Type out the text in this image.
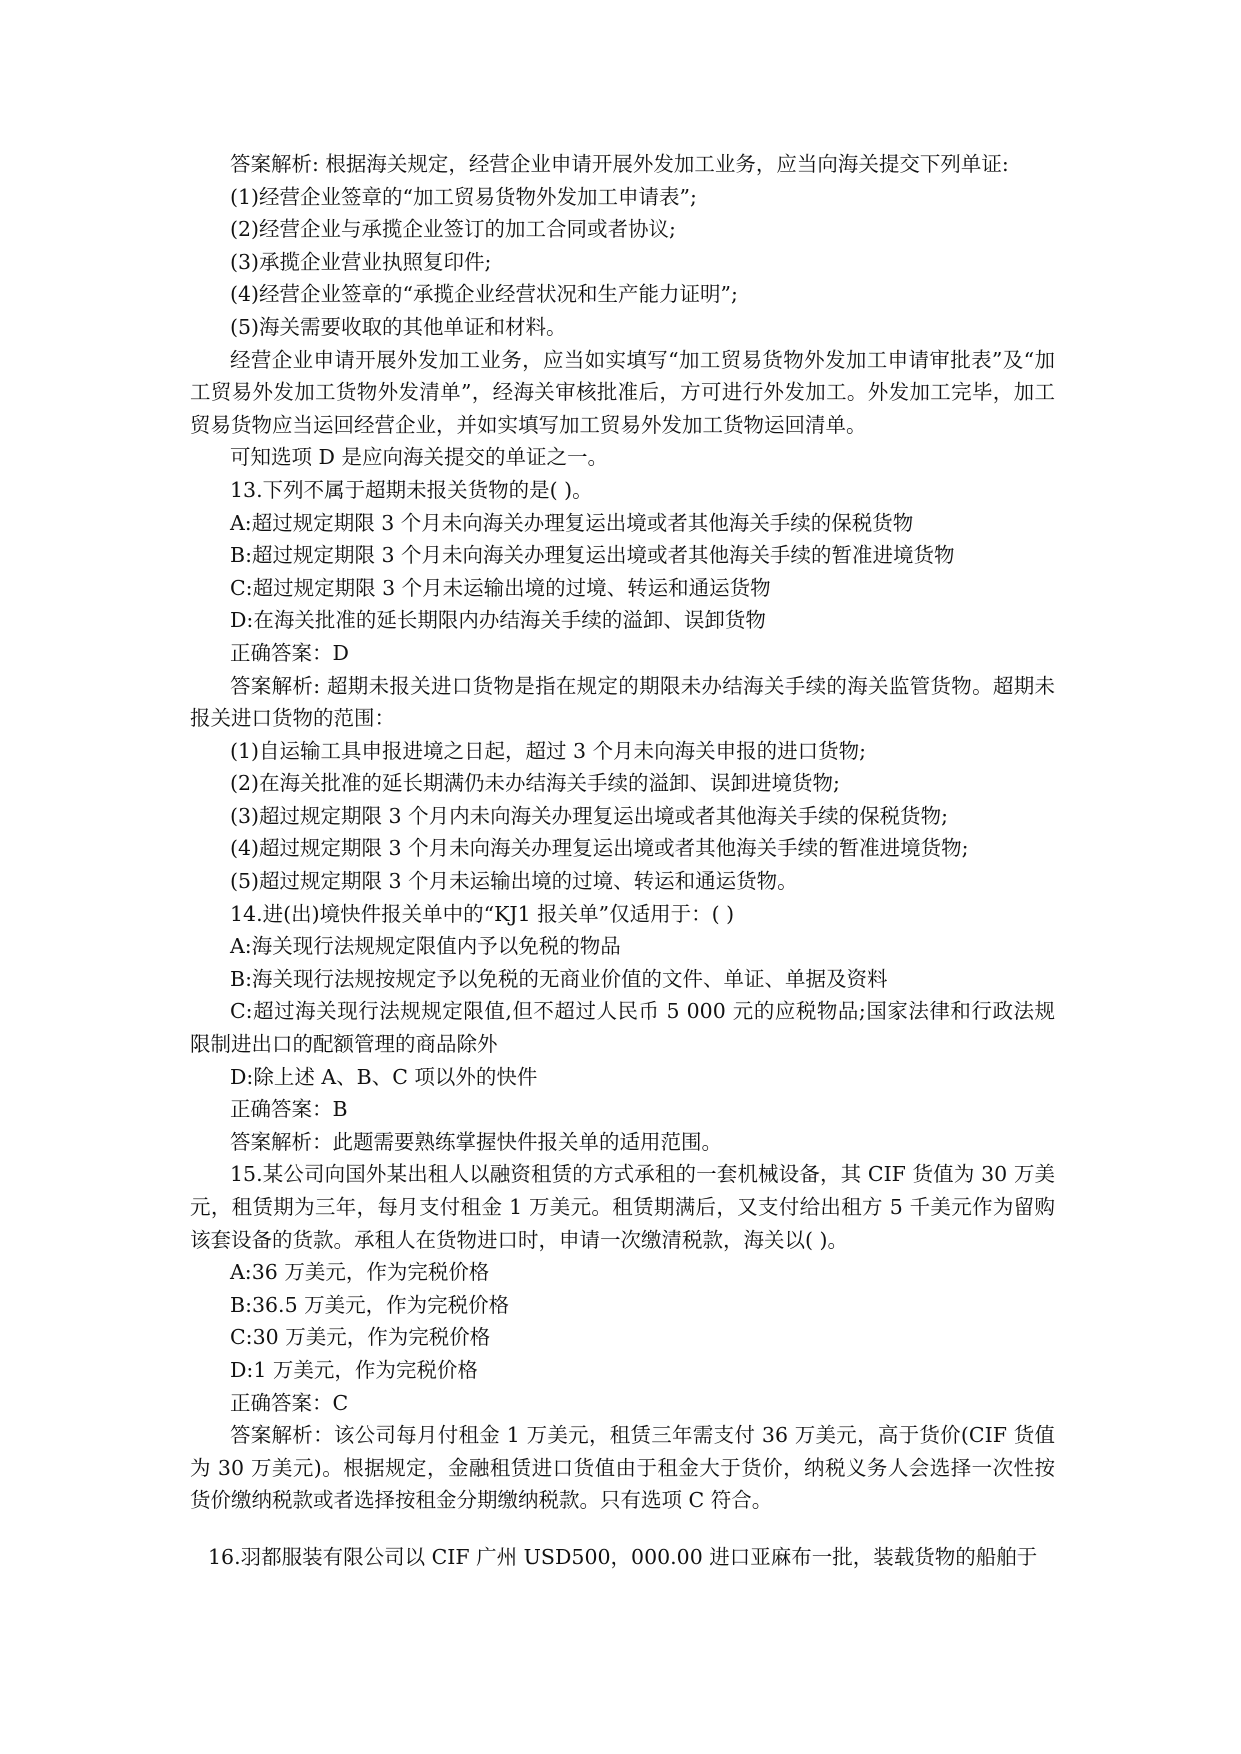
答案解析: 根据海关规定，经营企业申请开展外发加工业务，应当向海关提交下列单证:

(1)经营企业签章的“加工贸易货物外发加工申请表”;

(2)经营企业与承揽企业签订的加工合同或者协议;

(3)承揽企业营业执照复印件;

(4)经营企业签章的“承揽企业经营状况和生产能力证明”;

(5)海关需要收取的其他单证和材料。

经营企业申请开展外发加工业务，应当如实填写“加工贸易货物外发加工申请审批表”及“加工贸易外发加工货物外发清单”，经海关审核批准后，方可进行外发加工。外发加工完毕，加工贸易货物应当运回经营企业，并如实填写加工贸易外发加工货物运回清单。

可知选项 D 是应向海关提交的单证之一。

13.下列不属于超期未报关货物的是( )。

A:超过规定期限 3 个月未向海关办理复运出境或者其他海关手续的保税货物

B:超过规定期限 3 个月未向海关办理复运出境或者其他海关手续的暂准进境货物

C:超过规定期限 3 个月未运输出境的过境、转运和通运货物

D:在海关批准的延长期限内办结海关手续的溢卸、误卸货物

正确答案：D

答案解析: 超期未报关进口货物是指在规定的期限未办结海关手续的海关监管货物。超期未报关进口货物的范围：

(1)自运输工具申报进境之日起，超过 3 个月未向海关申报的进口货物;

(2)在海关批准的延长期满仍未办结海关手续的溢卸、误卸进境货物;

(3)超过规定期限 3 个月内未向海关办理复运出境或者其他海关手续的保税货物;

(4)超过规定期限 3 个月未向海关办理复运出境或者其他海关手续的暂准进境货物;

(5)超过规定期限 3 个月未运输出境的过境、转运和通运货物。

14.进(出)境快件报关单中的“KJ1 报关单”仅适用于：( )

A:海关现行法规规定限值内予以免税的物品

B:海关现行法规按规定予以免税的无商业价值的文件、单证、单据及资料

C:超过海关现行法规规定限值,但不超过人民币 5 000 元的应税物品;国家法律和行政法规限制进出口的配额管理的商品除外

D:除上述 A、B、C 项以外的快件

正确答案：B

答案解析：此题需要熟练掌握快件报关单的适用范围。

15.某公司向国外某出租人以融资租赁的方式承租的一套机械设备，其 CIF 货值为 30 万美元，租赁期为三年，每月支付租金 1 万美元。租赁期满后，又支付给出租方 5 千美元作为留购该套设备的货款。承租人在货物进口时，申请一次缴清税款，海关以( )。

A:36 万美元，作为完税价格

B:36.5 万美元，作为完税价格

C:30 万美元，作为完税价格

D:1 万美元，作为完税价格

正确答案：C

答案解析：该公司每月付租金 1 万美元，租赁三年需支付 36 万美元，高于货价(CIF 货值为 30 万美元)。根据规定，金融租赁进口货值由于租金大于货价，纳税义务人会选择一次性按货价缴纳税款或者选择按租金分期缴纳税款。只有选项 C 符合。

16.羽都服装有限公司以 CIF 广州 USD500，000.00 进口亚麻布一批，装载货物的船舶于
